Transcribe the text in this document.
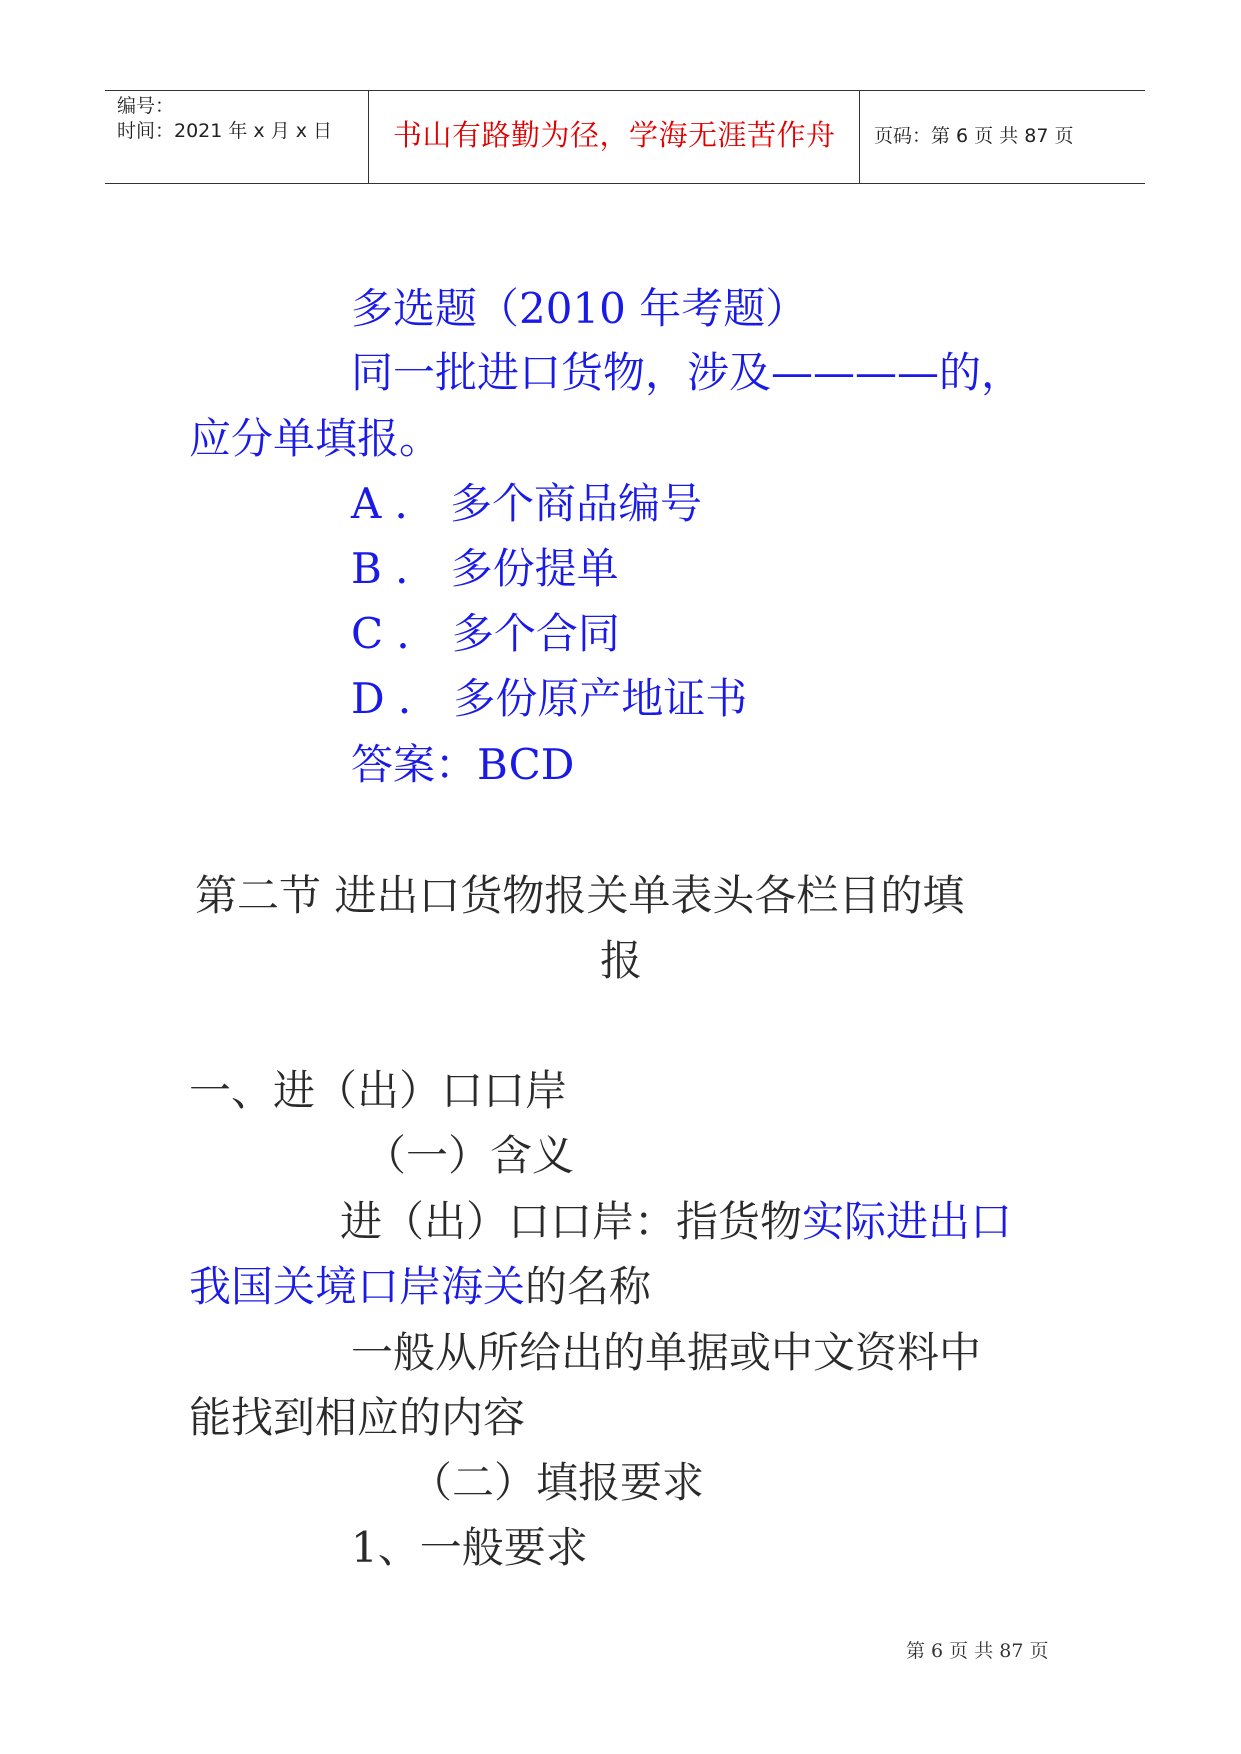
编号：
时间：2021 年 x 月 x 日 书山有路勤为径，学海无涯苦作舟 页码：第 6 页 共 87 页
多选题（2010 年考题）
同一批进口货物，涉及————的，
应分单填报。
A ． 多个商品编号
B ． 多份提单
C ． 多个合同
D ． 多份原产地证书
答案：BCD
第二节 进出口货物报关单表头各栏目的填
报
一、进（出）口口岸
（一）含义
进（出）口口岸：指货物实际进出口
我国关境口岸海关的名称
一般从所给出的单据或中文资料中
能找到相应的内容
（二）填报要求
1、一般要求
第 6 页 共 87 页
